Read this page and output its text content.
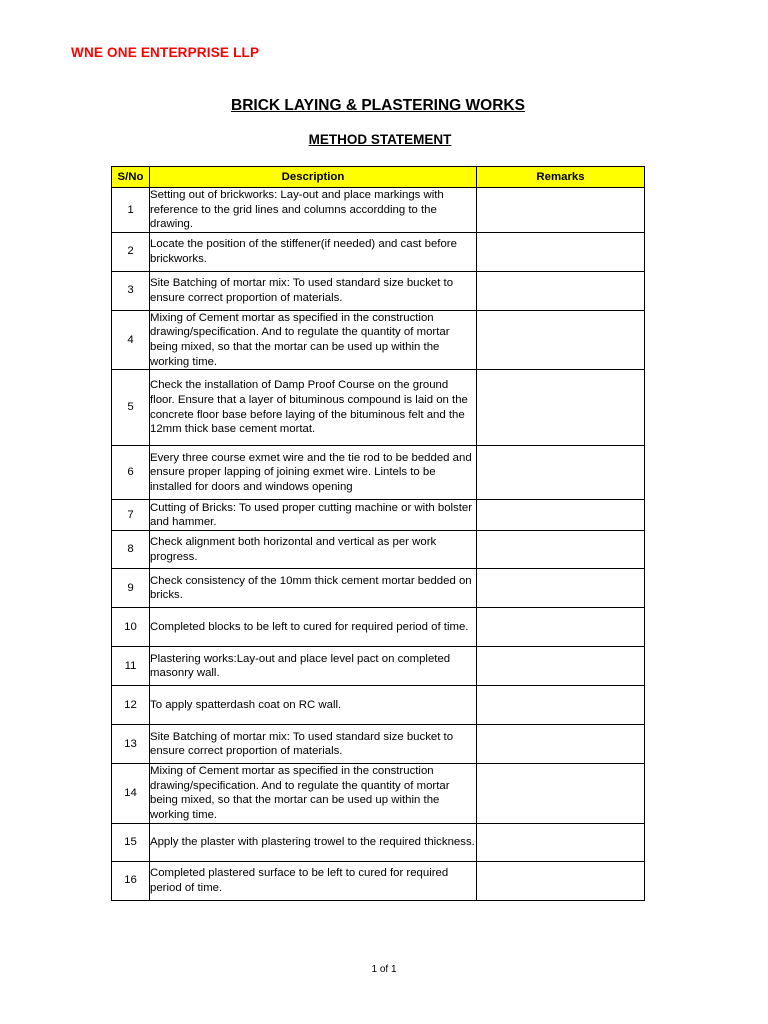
WNE ONE ENTERPRISE LLP
BRICK LAYING & PLASTERING WORKS
METHOD STATEMENT
S/No	Description	Remarks
1	Setting out of brickworks: Lay-out and place markings with reference to the grid lines and columns accordding to the drawing.	
2	Locate the position of the stiffener(if needed) and cast before brickworks.	
3	Site Batching of mortar mix: To used standard size bucket to ensure correct proportion of materials.	
4	Mixing of Cement mortar as specified in the construction drawing/specification. And to regulate the quantity of mortar being mixed, so that the mortar can be used up within the working time.	
5	Check the installation of Damp Proof Course on the ground floor. Ensure that a layer of bituminous compound is laid on the concrete floor base before laying of the bituminous felt and the 12mm thick base cement mortat.	
6	Every three course exmet wire and the tie rod to be bedded and ensure proper lapping of joining exmet wire. Lintels to be installed for doors and windows opening	
7	Cutting of Bricks: To used proper cutting machine or with bolster and hammer.	
8	Check alignment both horizontal and vertical as per work progress.	
9	Check consistency of the 10mm thick cement mortar bedded on bricks.	
10	Completed blocks to be left to cured for required period of time.	
11	Plastering works:Lay-out and place level pact on completed masonry wall.	
12	To apply spatterdash coat on RC wall.	
13	Site Batching of mortar mix: To used standard size bucket to ensure correct proportion of materials.	
14	Mixing of Cement mortar as specified in the construction drawing/specification. And to regulate the quantity of mortar being mixed, so that the mortar can be used up within the working time.	
15	Apply the plaster with plastering trowel to the required thickness.	
16	Completed plastered surface to be left to cured for required period of time.	
1 of 1
